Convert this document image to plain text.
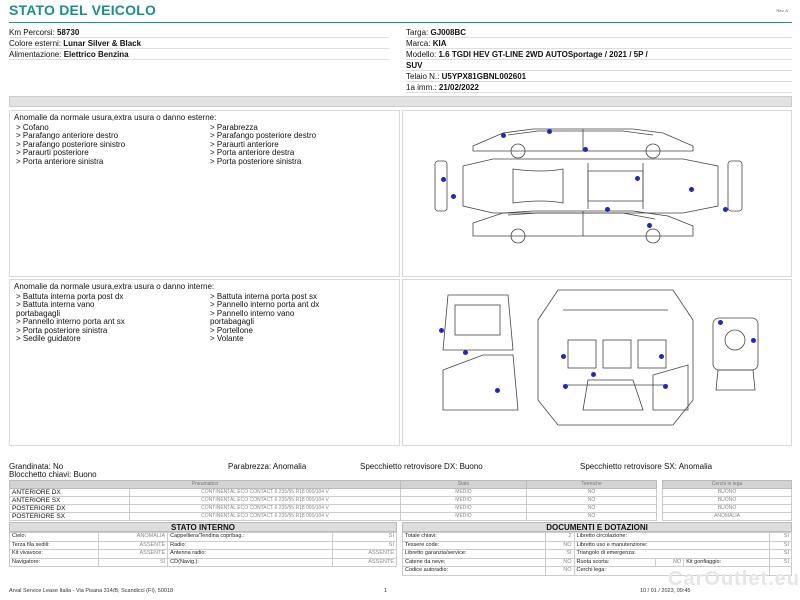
STATO DEL VEICOLO	Rev. A
Km Percorsi: 58730
Colore esterni: Lunar Silver & Black
Alimentazione: Elettrico Benzina
Targa: GJ008BC
Marca: KIA
Modello: 1.6 TGDI HEV GT-LINE 2WD AUTOSportage / 2021 / 5P /
SUV
Telaio N.: U5YPX81GBNL002601
1a imm.: 21/02/2022
Anomalie da normale usura,extra usura o danno esterne:
> Cofano
> Parafango anteriore destro
> Parafango posteriore sinistro
> Paraurti posteriore
> Porta anteriore sinistra
> Parabrezza
> Parafango posteriore destro
> Paraurti anteriore
> Porta anteriore destra
> Porta posteriore sinistra
Anomalie da normale usura,extra usura o danno interne:
> Battuta interna porta post dx
> Battuta interna vano
portabagagli
> Pannello interno porta ant sx
> Porta posteriore sinistra
> Sedile guidatore
> Battuta interna porta post sx
> Pannello interno porta ant dx
> Pannello interno vano
portabagagli
> Portellone
> Volante
Grandinata: No	Parabrezza: Anomalia	Specchietto retrovisore DX: Buono	Specchietto retrovisore SX: Anomalia
Blocchetto chiavi: Buono
Pneumatico		Stato	Termiche
ANTERIORE DX	CONTINENTAL ECO CONTACT 6 235/55 R18 000/104 V	MEDIO	NO
ANTERIORE SX	CONTINENTAL ECO CONTACT 6 235/55 R18 000/104 V	MEDIO	NO
POSTERIORE DX	CONTINENTAL ECO CONTACT 6 235/55 R18 000/104 V	MEDIO	NO
POSTERIORE SX	CONTINENTAL ECO CONTACT 6 235/55 R18 000/104 V	MEDIO	NO
Cerchi in lega
BUONO
BUONO
BUONO
ANOMALIA
STATO INTERNO
Cielo:	ANOMALIA	Cappelliera/Tendina copribag.:	SI
Terza fila sedili:	ASSENTE	Radio:	SI
Kit vivavoce:	ASSENTE	Antenna radio:	ASSENTE
Navigatore:	SI	CD(Navig.):	ASSENTE
DOCUMENTI E DOTAZIONI
Totale chiavi:	2	Libretto circolazione:			SI
Tessere code:	NO	Libretto uso e manutenzione:			SI
Libretto garanzia/service:	SI	Triangolo di emergenza:			SI
Catene da neve:	NO	Ruota scorta:	NO	Kit gonfiaggio:	SI
Codice autoradio:	NO	Cerchi lega:			
Arval Service Lease Italia - Via Pisana 314/B, Scandicci (FI), 50018	1	10 / 01 / 2023, 09:45
CarOutlet.eu
